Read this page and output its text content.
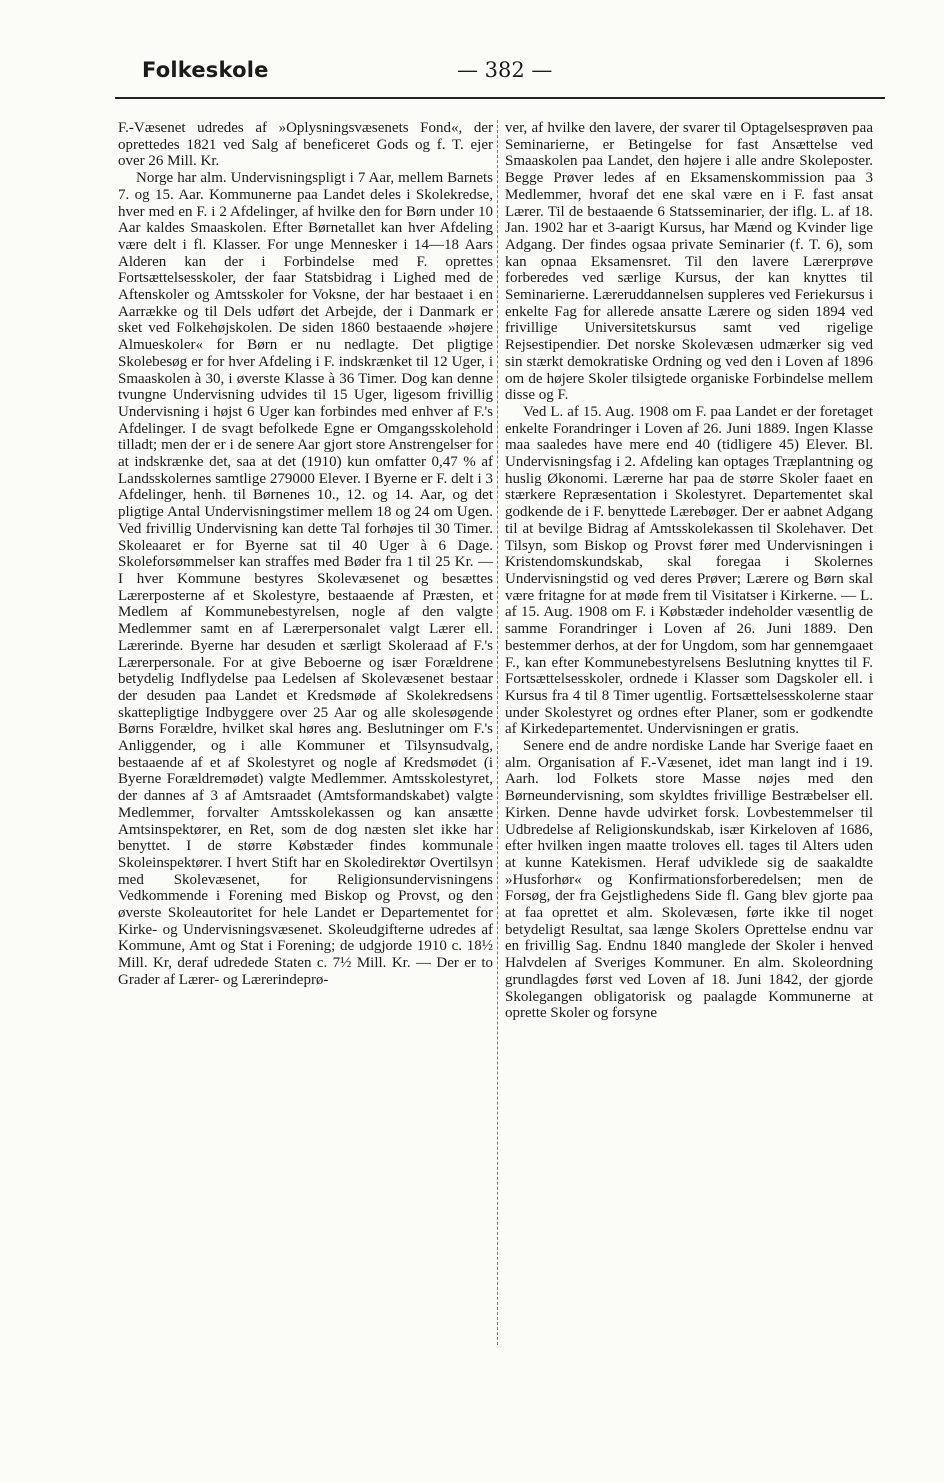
Folkeskole	— 382 —

F.-Væsenet udredes af »Oplysningsvæsenets Fond«, der oprettedes 1821 ved Salg af beneficeret Gods og f. T. ejer over 26 Mill. Kr.

Norge har alm. Undervisningspligt i 7 Aar, mellem Barnets 7. og 15. Aar. Kommunerne paa Landet deles i Skolekredse, hver med en F. i 2 Afdelinger, af hvilke den for Børn under 10 Aar kaldes Smaaskolen. Efter Børnetallet kan hver Afdeling være delt i fl. Klasser. For unge Mennesker i 14—18 Aars Alderen kan der i Forbindelse med F. oprettes Fortsættelsesskoler, der faar Statsbidrag i Lighed med de Aftenskoler og Amtsskoler for Voksne, der har bestaaet i en Aarrække og til Dels udført det Arbejde, der i Danmark er sket ved Folkehøjskolen. De siden 1860 bestaaende »højere Almueskoler« for Børn er nu nedlagte. Det pligtige Skolebesøg er for hver Afdeling i F. indskrænket til 12 Uger, i Smaaskolen à 30, i øverste Klasse à 36 Timer. Dog kan denne tvungne Undervisning udvides til 15 Uger, ligesom frivillig Undervisning i højst 6 Uger kan forbindes med enhver af F.'s Afdelinger. I de svagt befolkede Egne er Omgangsskolehold tilladt; men der er i de senere Aar gjort store Anstrengelser for at indskrænke det, saa at det (1910) kun omfatter 0,47 % af Landsskolernes samtlige 279000 Elever. I Byerne er F. delt i 3 Afdelinger, henh. til Børnenes 10., 12. og 14. Aar, og det pligtige Antal Undervisningstimer mellem 18 og 24 om Ugen. Ved frivillig Undervisning kan dette Tal forhøjes til 30 Timer. Skoleaaret er for Byerne sat til 40 Uger à 6 Dage. Skoleforsømmelser kan straffes med Bøder fra 1 til 25 Kr. — I hver Kommune bestyres Skolevæsenet og besættes Lærerposterne af et Skolestyre, bestaaende af Præsten, et Medlem af Kommunebestyrelsen, nogle af den valgte Medlemmer samt en af Lærerpersonalet valgt Lærer ell. Lærerinde. Byerne har desuden et særligt Skoleraad af F.'s Lærerpersonale. For at give Beboerne og især Forældrene betydelig Indflydelse paa Ledelsen af Skolevæsenet bestaar der desuden paa Landet et Kredsmøde af Skolekredsens skattepligtige Indbyggere over 25 Aar og alle skolesøgende Børns Forældre, hvilket skal høres ang. Beslutninger om F.'s Anliggender, og i alle Kommuner et Tilsynsudvalg, bestaaende af et af Skolestyret og nogle af Kredsmødet (i Byerne Forældremødet) valgte Medlemmer. Amtsskolestyret, der dannes af 3 af Amtsraadet (Amtsformandskabet) valgte Medlemmer, forvalter Amtsskolekassen og kan ansætte Amtsinspektører, en Ret, som de dog næsten slet ikke har benyttet. I de større Købstæder findes kommunale Skoleinspektører. I hvert Stift har en Skoledirektør Overtilsyn med Skolevæsenet, for Religionsundervisningens Vedkommende i Forening med Biskop og Provst, og den øverste Skoleautoritet for hele Landet er Departementet for Kirke- og Undervisningsvæsenet. Skoleudgifterne udredes af Kommune, Amt og Stat i Forening; de udgjorde 1910 c. 18½ Mill. Kr, deraf udredede Staten c. 7½ Mill. Kr. — Der er to Grader af Lærer- og Lærerindeprø-

ver, af hvilke den lavere, der svarer til Optagelsesprøven paa Seminarierne, er Betingelse for fast Ansættelse ved Smaaskolen paa Landet, den højere i alle andre Skoleposter. Begge Prøver ledes af en Eksamenskommission paa 3 Medlemmer, hvoraf det ene skal være en i F. fast ansat Lærer. Til de bestaaende 6 Statsseminarier, der iflg. L. af 18. Jan. 1902 har et 3-aarigt Kursus, har Mænd og Kvinder lige Adgang. Der findes ogsaa private Seminarier (f. T. 6), som kan opnaa Eksamensret. Til den lavere Lærerprøve forberedes ved særlige Kursus, der kan knyttes til Seminarierne. Læreruddannelsen suppleres ved Feriekursus i enkelte Fag for allerede ansatte Lærere og siden 1894 ved frivillige Universitetskursus samt ved rigelige Rejsestipendier. Det norske Skolevæsen udmærker sig ved sin stærkt demokratiske Ordning og ved den i Loven af 1896 om de højere Skoler tilsigtede organiske Forbindelse mellem disse og F.

Ved L. af 15. Aug. 1908 om F. paa Landet er der foretaget enkelte Forandringer i Loven af 26. Juni 1889. Ingen Klasse maa saaledes have mere end 40 (tidligere 45) Elever. Bl. Undervisningsfag i 2. Afdeling kan optages Træplantning og huslig Økonomi. Lærerne har paa de større Skoler faaet en stærkere Repræsentation i Skolestyret. Departementet skal godkende de i F. benyttede Lærebøger. Der er aabnet Adgang til at bevilge Bidrag af Amtsskolekassen til Skolehaver. Det Tilsyn, som Biskop og Provst fører med Undervisningen i Kristendomskundskab, skal foregaa i Skolernes Undervisningstid og ved deres Prøver; Lærere og Børn skal være fritagne for at møde frem til Visitatser i Kirkerne. — L. af 15. Aug. 1908 om F. i Købstæder indeholder væsentlig de samme Forandringer i Loven af 26. Juni 1889. Den bestemmer derhos, at der for Ungdom, som har gennemgaaet F., kan efter Kommunebestyrelsens Beslutning knyttes til F. Fortsættelsesskoler, ordnede i Klasser som Dagskoler ell. i Kursus fra 4 til 8 Timer ugentlig. Fortsættelsesskolerne staar under Skolestyret og ordnes efter Planer, som er godkendte af Kirkedepartementet. Undervisningen er gratis.

Senere end de andre nordiske Lande har Sverige faaet en alm. Organisation af F.-Væsenet, idet man langt ind i 19. Aarh. lod Folkets store Masse nøjes med den Børneundervisning, som skyldtes frivillige Bestræbelser ell. Kirken. Denne havde udvirket forsk. Lovbestemmelser til Udbredelse af Religionskundskab, især Kirkeloven af 1686, efter hvilken ingen maatte troloves ell. tages til Alters uden at kunne Katekismen. Heraf udviklede sig de saakaldte »Husforhør« og Konfirmationsforberedelsen; men de Forsøg, der fra Gejstlighedens Side fl. Gang blev gjorte paa at faa oprettet et alm. Skolevæsen, førte ikke til noget betydeligt Resultat, saa længe Skolers Oprettelse endnu var en frivillig Sag. Endnu 1840 manglede der Skoler i henved Halvdelen af Sveriges Kommuner. En alm. Skoleordning grundlagdes først ved Loven af 18. Juni 1842, der gjorde Skolegangen obligatorisk og paalagde Kommunerne at oprette Skoler og forsyne
